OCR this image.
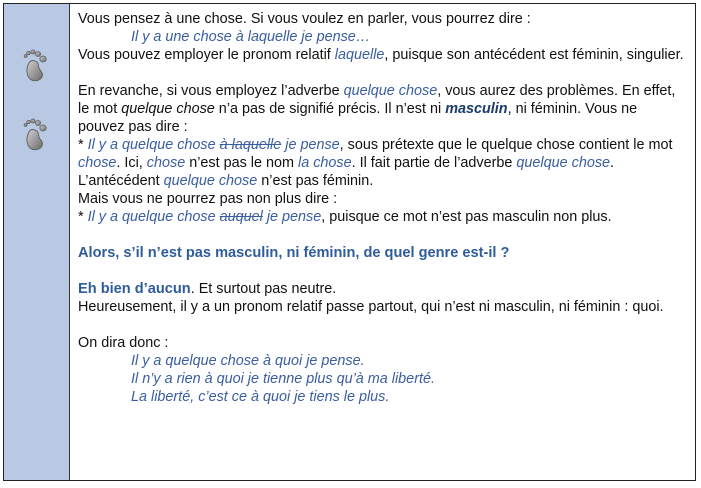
Vous pensez à une chose. Si vous voulez en parler, vous pourrez dire :
Il y a une chose à laquelle je pense…
Vous pouvez employer le pronom relatif laquelle, puisque son antécédent est féminin, singulier.
En revanche, si vous employez l’adverbe quelque chose, vous aurez des problèmes. En effet, le mot quelque chose n’a pas de signifié précis. Il n’est ni masculin, ni féminin. Vous ne pouvez pas dire :
* Il y a quelque chose à laquelle je pense, sous prétexte que le quelque chose contient le mot chose. Ici, chose n’est pas le nom la chose. Il fait partie de l’adverbe quelque chose. L’antécédent quelque chose n’est pas féminin.
Mais vous ne pourrez pas non plus dire :
* Il y a quelque chose auquel je pense, puisque ce mot n’est pas masculin non plus.
Alors, s’il n’est pas masculin, ni féminin, de quel genre est-il ?
Eh bien d’aucun. Et surtout pas neutre.
Heureusement, il y a un pronom relatif passe partout, qui n’est ni masculin, ni féminin : quoi.
On dira donc :
Il y a quelque chose à quoi je pense.
Il n’y a rien à quoi je tienne plus qu’à ma liberté.
La liberté, c’est ce à quoi je tiens le plus.
